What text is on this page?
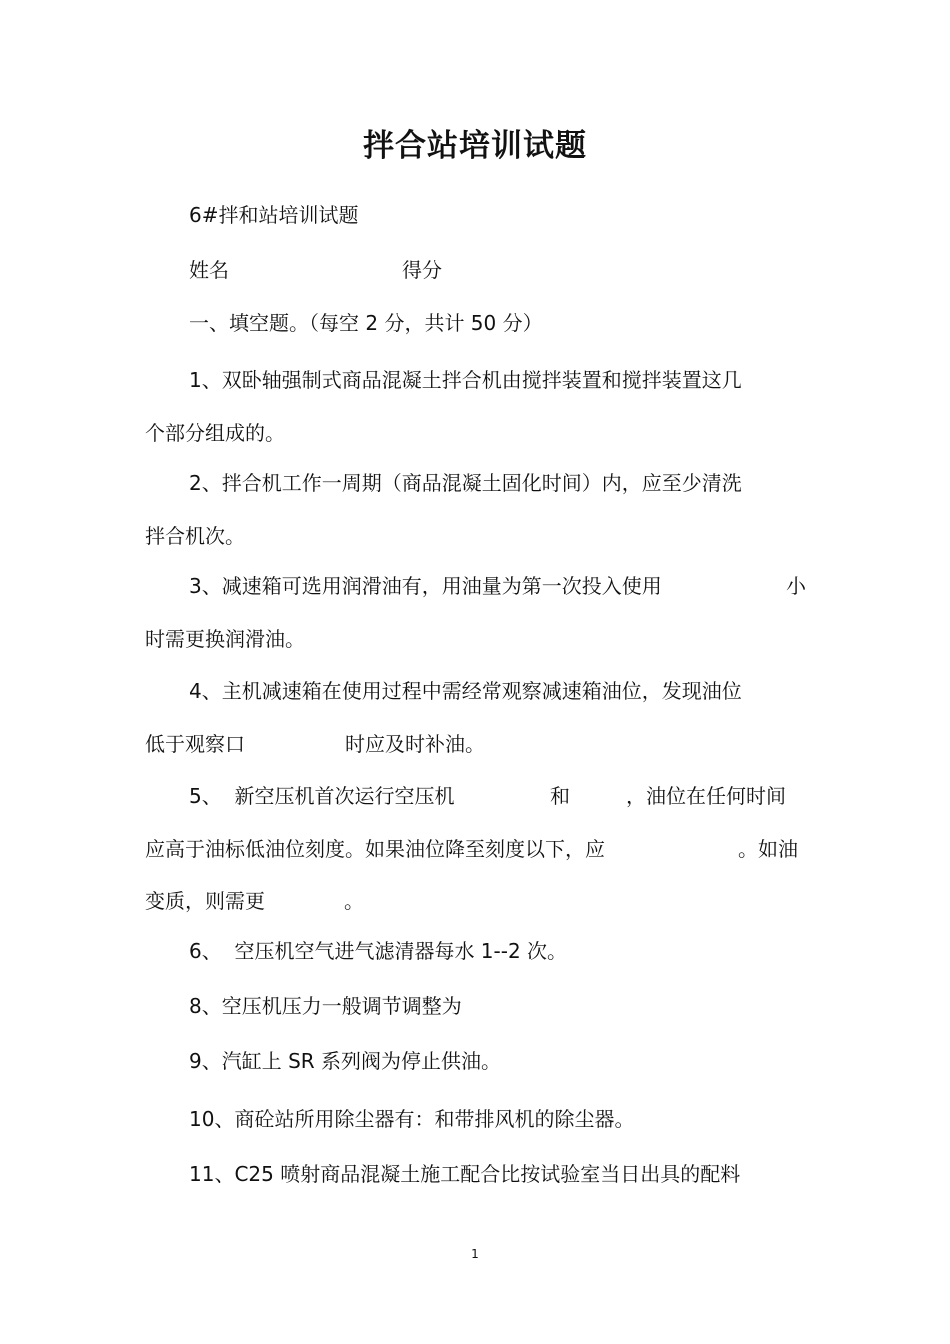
拌合站培训试题
6#拌和站培训试题
姓名	得分
一、填空题。（每空 2 分，共计 50 分）
1、双卧轴强制式商品混凝土拌合机由搅拌装置和搅拌装置这几
个部分组成的。
2、拌合机工作一周期（商品混凝土固化时间）内，应至少清洗
拌合机次。
3、减速箱可选用润滑油有，用油量为第一次投入使用	小
时需更换润滑油。
4、主机减速箱在使用过程中需经常观察减速箱油位，发现油位
低于观察口	时应及时补油。
5、  新空压机首次运行空压机	和	，油位在任何时间
应高于油标低油位刻度。如果油位降至刻度以下，应	。如油
变质，则需更	。
6、  空压机空气进气滤清器每水 1--2 次。
8、空压机压力一般调节调整为
9、汽缸上 SR 系列阀为停止供油。
10、商砼站所用除尘器有：和带排风机的除尘器。
11、C25 喷射商品混凝土施工配合比按试验室当日出具的配料
1
